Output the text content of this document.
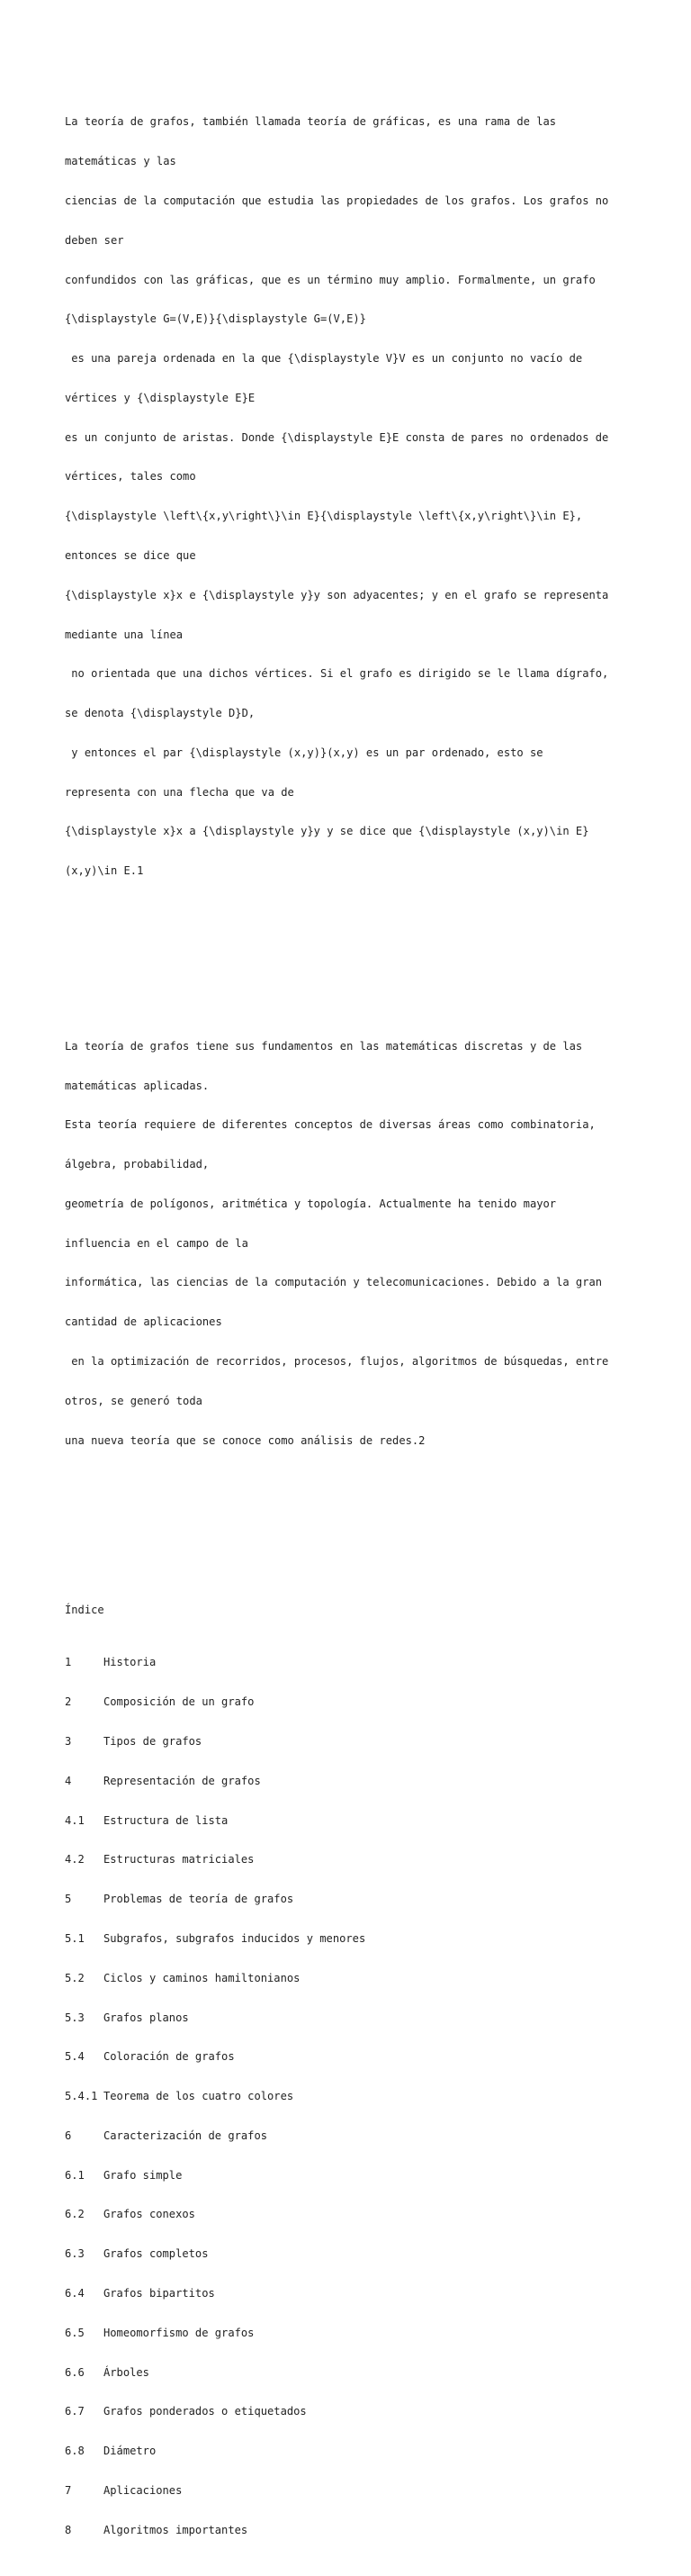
La teoría de grafos, también llamada teoría de gráficas, es una rama de las

matemáticas y las

ciencias de la computación que estudia las propiedades de los grafos. Los grafos no

deben ser

confundidos con las gráficas, que es un término muy amplio. Formalmente, un grafo

{\displaystyle G=(V,E)}{\displaystyle G=(V,E)}

es una pareja ordenada en la que {\displaystyle V}V es un conjunto no vacío de

vértices y {\displaystyle E}E

es un conjunto de aristas. Donde {\displaystyle E}E consta de pares no ordenados de

vértices, tales como

{\displaystyle \left\{x,y\right\}\in E}{\displaystyle \left\{x,y\right\}\in E},

entonces se dice que

{\displaystyle x}x e {\displaystyle y}y son adyacentes; y en el grafo se representa

mediante una línea

no orientada que una dichos vértices. Si el grafo es dirigido se le llama dígrafo,

se denota {\displaystyle D}D,

y entonces el par {\displaystyle (x,y)}(x,y) es un par ordenado, esto se

representa con una flecha que va de

{\displaystyle x}x a {\displaystyle y}y y se dice que {\displaystyle (x,y)\in E}

(x,y)\in E.1

La teoría de grafos tiene sus fundamentos en las matemáticas discretas y de las

matemáticas aplicadas.

Esta teoría requiere de diferentes conceptos de diversas áreas como combinatoria,

álgebra, probabilidad,

geometría de polígonos, aritmética y topología. Actualmente ha tenido mayor

influencia en el campo de la

informática, las ciencias de la computación y telecomunicaciones. Debido a la gran

cantidad de aplicaciones

en la optimización de recorridos, procesos, flujos, algoritmos de búsquedas, entre

otros, se generó toda

una nueva teoría que se conoce como análisis de redes.2

Índice

1	Historia

2	Composición de un grafo

3	Tipos de grafos

4	Representación de grafos

4.1	Estructura de lista

4.2	Estructuras matriciales

5	Problemas de teoría de grafos

5.1	Subgrafos, subgrafos inducidos y menores

5.2	Ciclos y caminos hamiltonianos

5.3	Grafos planos

5.4	Coloración de grafos

5.4.1 Teorema de los cuatro colores

6	Caracterización de grafos

6.1	Grafo simple

6.2	Grafos conexos

6.3	Grafos completos

6.4	Grafos bipartitos

6.5	Homeomorfismo de grafos

6.6	Árboles

6.7	Grafos ponderados o etiquetados

6.8	Diámetro

7	Aplicaciones

8	Algoritmos importantes
